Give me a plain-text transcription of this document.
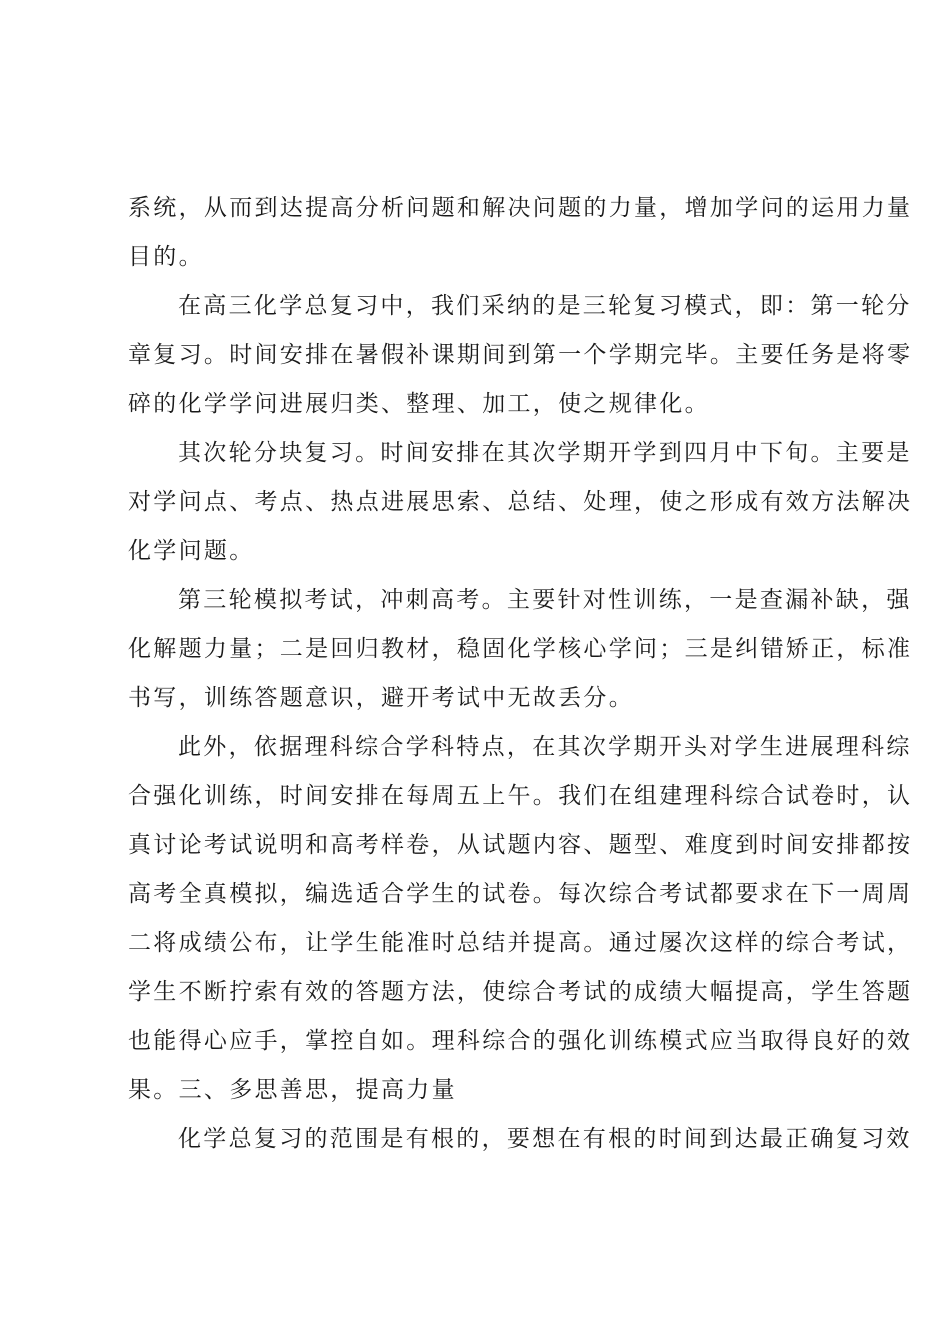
系统，从而到达提高分析问题和解决问题的力量，增加学问的运用力量
目的。
在高三化学总复习中，我们采纳的是三轮复习模式，即：第一轮分
章复习。时间安排在暑假补课期间到第一个学期完毕。主要任务是将零
碎的化学学问进展归类、整理、加工，使之规律化。
其次轮分块复习。时间安排在其次学期开学到四月中下旬。主要是
对学问点、考点、热点进展思索、总结、处理，使之形成有效方法解决
化学问题。
第三轮模拟考试，冲刺高考。主要针对性训练，一是查漏补缺，强
化解题力量；二是回归教材，稳固化学核心学问；三是纠错矫正，标准
书写，训练答题意识，避开考试中无故丢分。
此外，依据理科综合学科特点，在其次学期开头对学生进展理科综
合强化训练，时间安排在每周五上午。我们在组建理科综合试卷时，认
真讨论考试说明和高考样卷，从试题内容、题型、难度到时间安排都按
高考全真模拟，编选适合学生的试卷。每次综合考试都要求在下一周周
二将成绩公布，让学生能准时总结并提高。通过屡次这样的综合考试，
学生不断拧索有效的答题方法，使综合考试的成绩大幅提高，学生答题
也能得心应手，掌控自如。理科综合的强化训练模式应当取得良好的效
果。三、多思善思，提高力量
化学总复习的范围是有根的，要想在有根的时间到达最正确复习效
